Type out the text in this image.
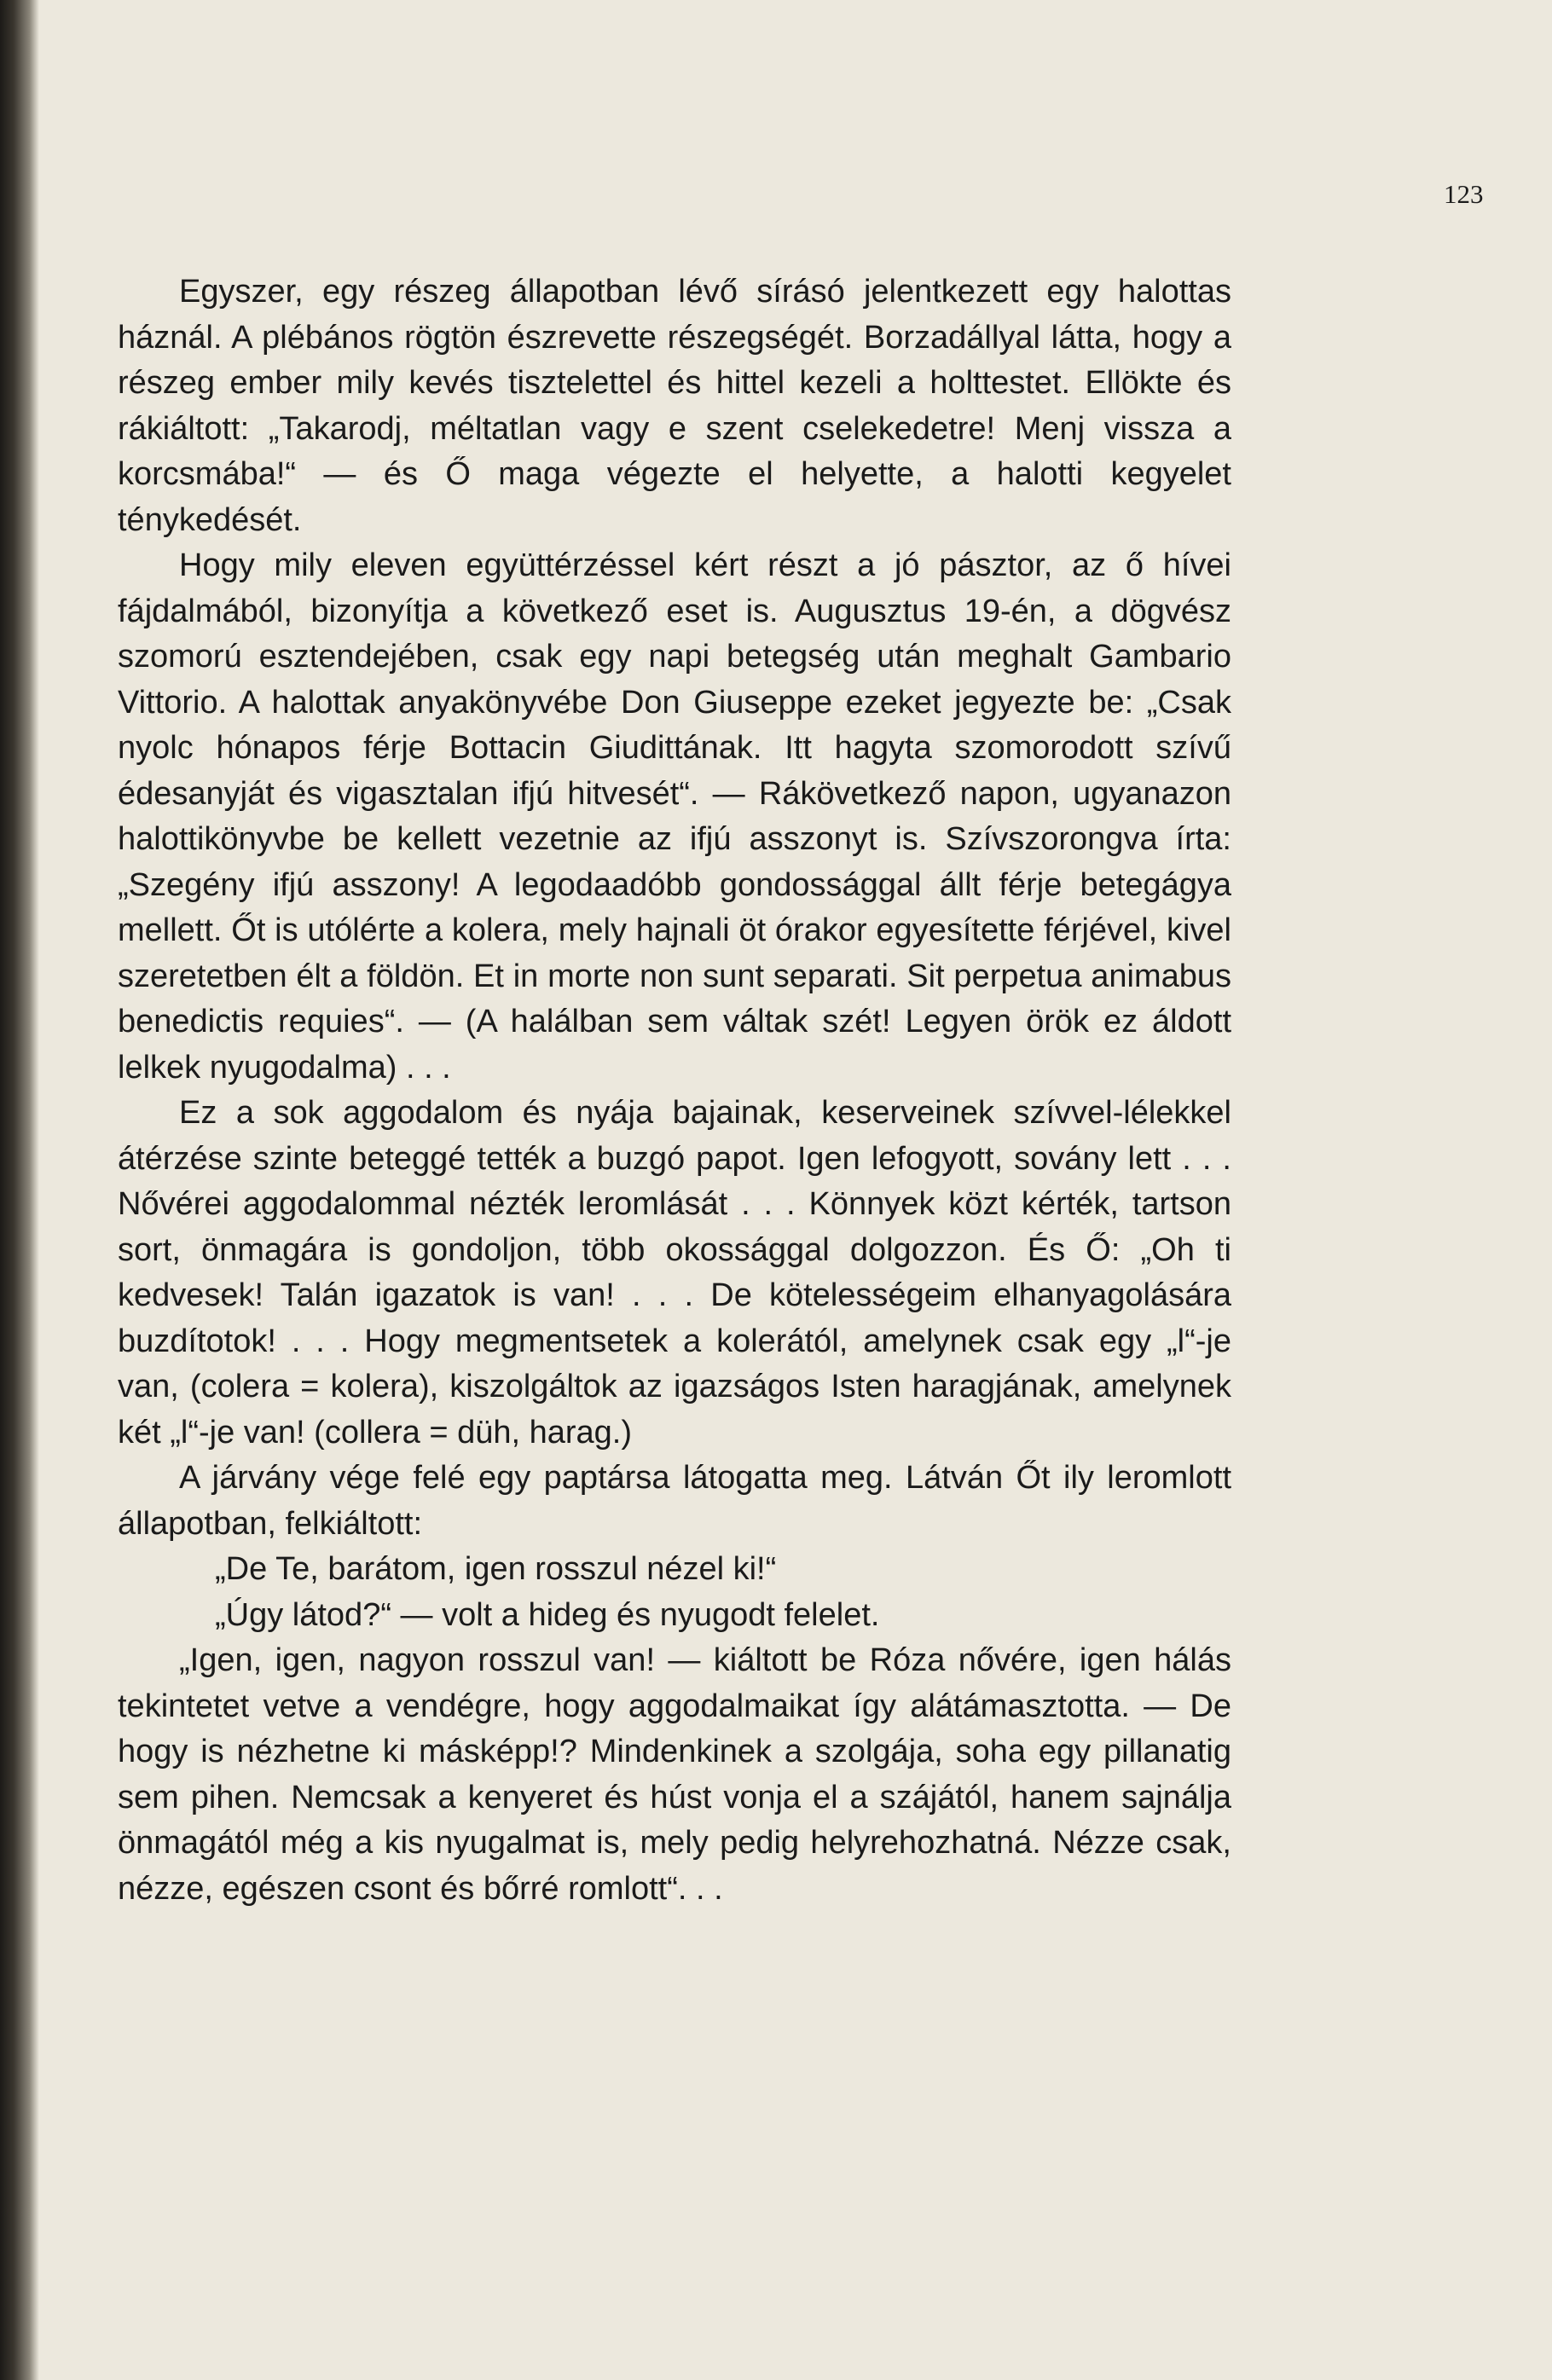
123

Egyszer, egy részeg állapotban lévő sírásó jelentkezett egy halottas háznál. A plébános rögtön észrevette részegségét. Borzadállyal látta, hogy a részeg ember mily kevés tisztelettel és hittel kezeli a holttestet. Ellökte és rákiáltott: „Takarodj, méltatlan vagy e szent cselekedetre! Menj vissza a korcsmába!“ — és Ő maga végezte el helyette, a halotti kegyelet ténykedését.

Hogy mily eleven együttérzéssel kért részt a jó pásztor, az ő hívei fájdalmából, bizonyítja a következő eset is. Augusztus 19-én, a dögvész szomorú esztendejében, csak egy napi betegség után meghalt Gambario Vittorio. A halottak anyakönyvébe Don Giuseppe ezeket jegyezte be: „Csak nyolc hónapos férje Bottacin Giudittának. Itt hagyta szomorodott szívű édesanyját és vigasztalan ifjú hitvesét“. — Rákövetkező napon, ugyanazon halottikönyvbe be kellett vezetnie az ifjú asszonyt is. Szívszorongva írta: „Szegény ifjú asszony! A legodaadóbb gondossággal állt férje betegágya mellett. Őt is utólérte a kolera, mely hajnali öt órakor egyesítette férjével, kivel szeretetben élt a földön. Et in morte non sunt separati. Sit perpetua animabus benedictis requies“. — (A halálban sem váltak szét! Legyen örök ez áldott lelkek nyugodalma) . . .

Ez a sok aggodalom és nyája bajainak, keserveinek szívvel-lélekkel átérzése szinte beteggé tették a buzgó papot. Igen lefogyott, sovány lett . . . Nővérei aggodalommal nézték leromlását . . . Könnyek közt kérték, tartson sort, önmagára is gondoljon, több okossággal dolgozzon. És Ő: „Oh ti kedvesek! Talán igazatok is van! . . . De kötelességeim elhanyagolására buzdítotok! . . . Hogy megmentsetek a kolerától, amelynek csak egy „l“-je van, (colera = kolera), kiszolgáltok az igazságos Isten haragjának, amelynek két „l“-je van! (collera = düh, harag.)

A járvány vége felé egy paptársa látogatta meg. Látván Őt ily leromlott állapotban, felkiáltott:

„De Te, barátom, igen rosszul nézel ki!“

„Úgy látod?“ — volt a hideg és nyugodt felelet.

„Igen, igen, nagyon rosszul van! — kiáltott be Róza nővére, igen hálás tekintetet vetve a vendégre, hogy aggodalmaikat így alátámasztotta. — De hogy is nézhetne ki másképp!? Mindenkinek a szolgája, soha egy pillanatig sem pihen. Nemcsak a kenyeret és húst vonja el a szájától, hanem sajnálja önmagától még a kis nyugalmat is, mely pedig helyrehozhatná. Nézze csak, nézze, egészen csont és bőrré romlott“. . .
